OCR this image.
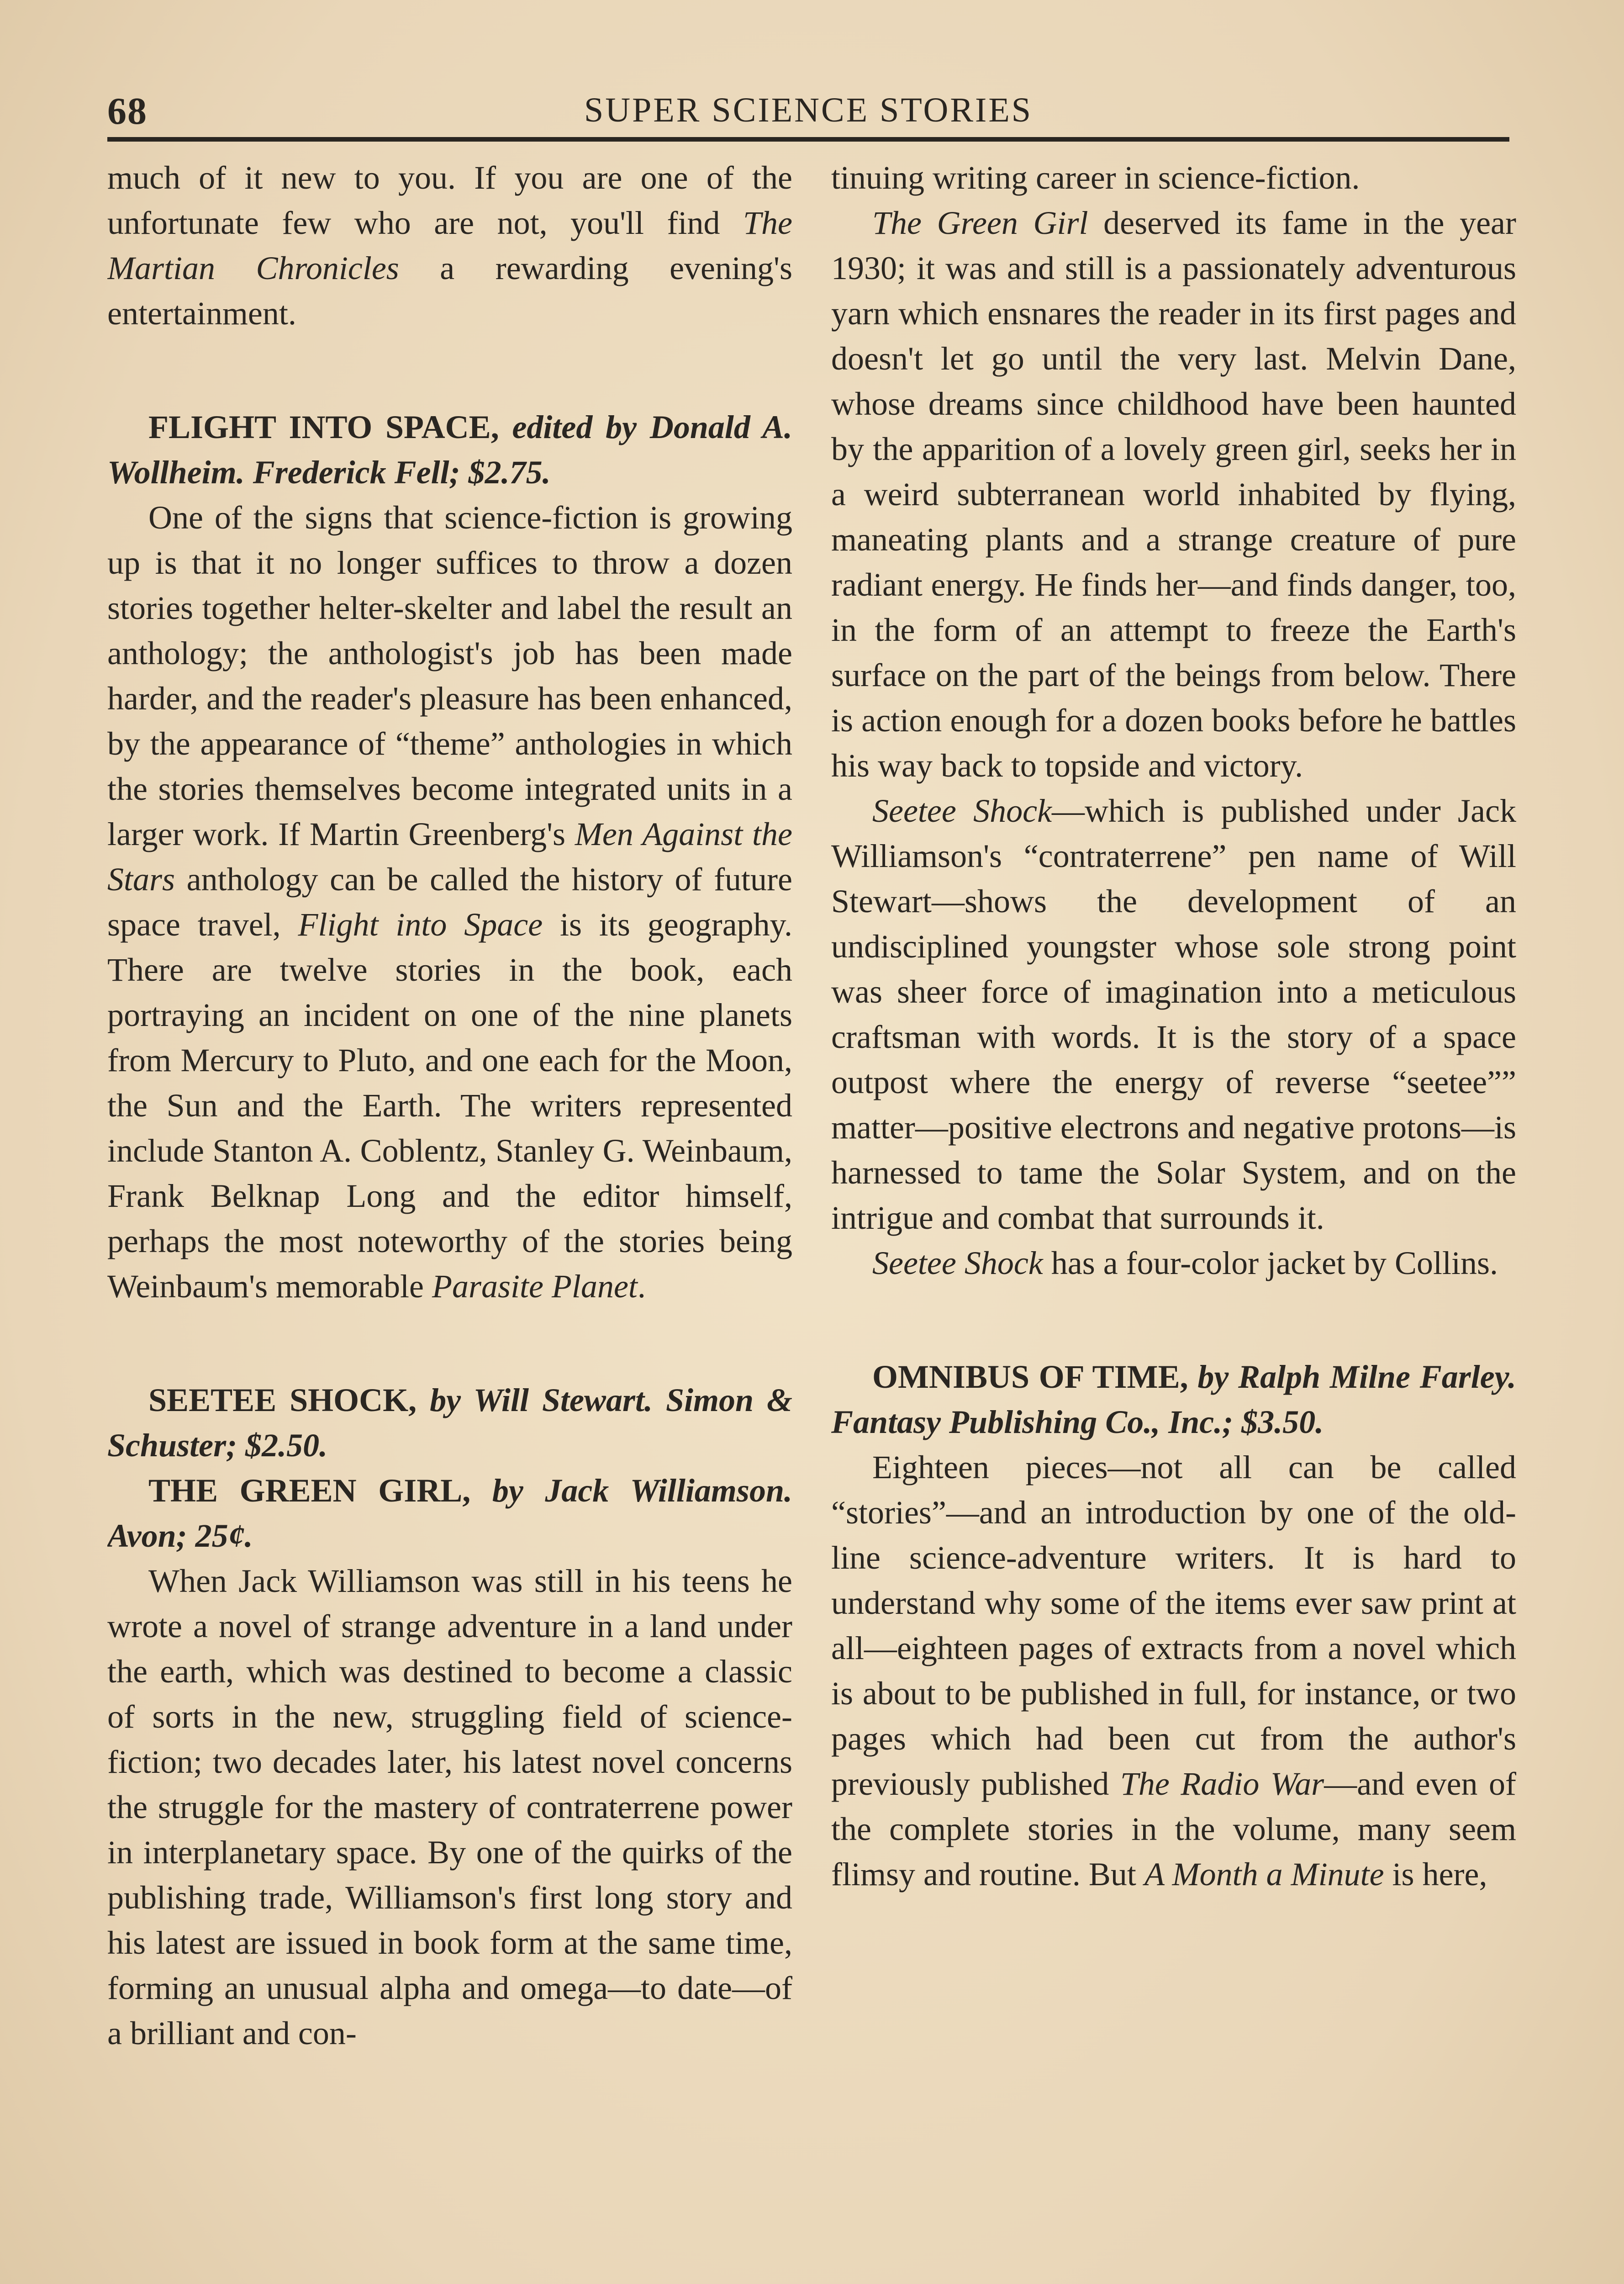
68	SUPER SCIENCE STORIES

much of it new to you. If you are one of the unfortunate few who are not, you'll find The Martian Chronicles a rewarding evening's entertainment.

FLIGHT INTO SPACE, edited by Donald A. Wollheim. Frederick Fell; $2.75.

One of the signs that science-fiction is growing up is that it no longer suffices to throw a dozen stories together helter-skelter and label the result an anthology; the anthologist's job has been made harder, and the reader's pleasure has been enhanced, by the appearance of “theme” anthologies in which the stories themselves become integrated units in a larger work. If Martin Greenberg's Men Against the Stars anthology can be called the history of future space travel, Flight into Space is its geography. There are twelve stories in the book, each portraying an incident on one of the nine planets from Mercury to Pluto, and one each for the Moon, the Sun and the Earth. The writers represented include Stanton A. Coblentz, Stanley G. Weinbaum, Frank Belknap Long and the editor himself, perhaps the most noteworthy of the stories being Weinbaum's memorable Parasite Planet.

SEETEE SHOCK, by Will Stewart. Simon & Schuster; $2.50.

THE GREEN GIRL, by Jack Williamson. Avon; 25¢.

When Jack Williamson was still in his teens he wrote a novel of strange adventure in a land under the earth, which was destined to become a classic of sorts in the new, struggling field of science-fiction; two decades later, his latest novel concerns the struggle for the mastery of contraterrene power in interplanetary space. By one of the quirks of the publishing trade, Williamson's first long story and his latest are issued in book form at the same time, forming an unusual alpha and omega—to date—of a brilliant and con-

tinuing writing career in science-fiction.

The Green Girl deserved its fame in the year 1930; it was and still is a passionately adventurous yarn which ensnares the reader in its first pages and doesn't let go until the very last. Melvin Dane, whose dreams since childhood have been haunted by the apparition of a lovely green girl, seeks her in a weird subterranean world inhabited by flying, maneating plants and a strange creature of pure radiant energy. He finds her—and finds danger, too, in the form of an attempt to freeze the Earth's surface on the part of the beings from below. There is action enough for a dozen books before he battles his way back to topside and victory.

Seetee Shock—which is published under Jack Williamson's “contraterrene” pen name of Will Stewart—shows the development of an undisciplined youngster whose sole strong point was sheer force of imagination into a meticulous craftsman with words. It is the story of a space outpost where the energy of reverse “seetee”” matter—positive electrons and negative protons—is harnessed to tame the Solar System, and on the intrigue and combat that surrounds it.

Seetee Shock has a four-color jacket by Collins.

OMNIBUS OF TIME, by Ralph Milne Farley. Fantasy Publishing Co., Inc.; $3.50.

Eighteen pieces—not all can be called “stories”—and an introduction by one of the old-line science-adventure writers. It is hard to understand why some of the items ever saw print at all—eighteen pages of extracts from a novel which is about to be published in full, for instance, or two pages which had been cut from the author's previously published The Radio War—and even of the complete stories in the volume, many seem flimsy and routine. But A Month a Minute is here,
